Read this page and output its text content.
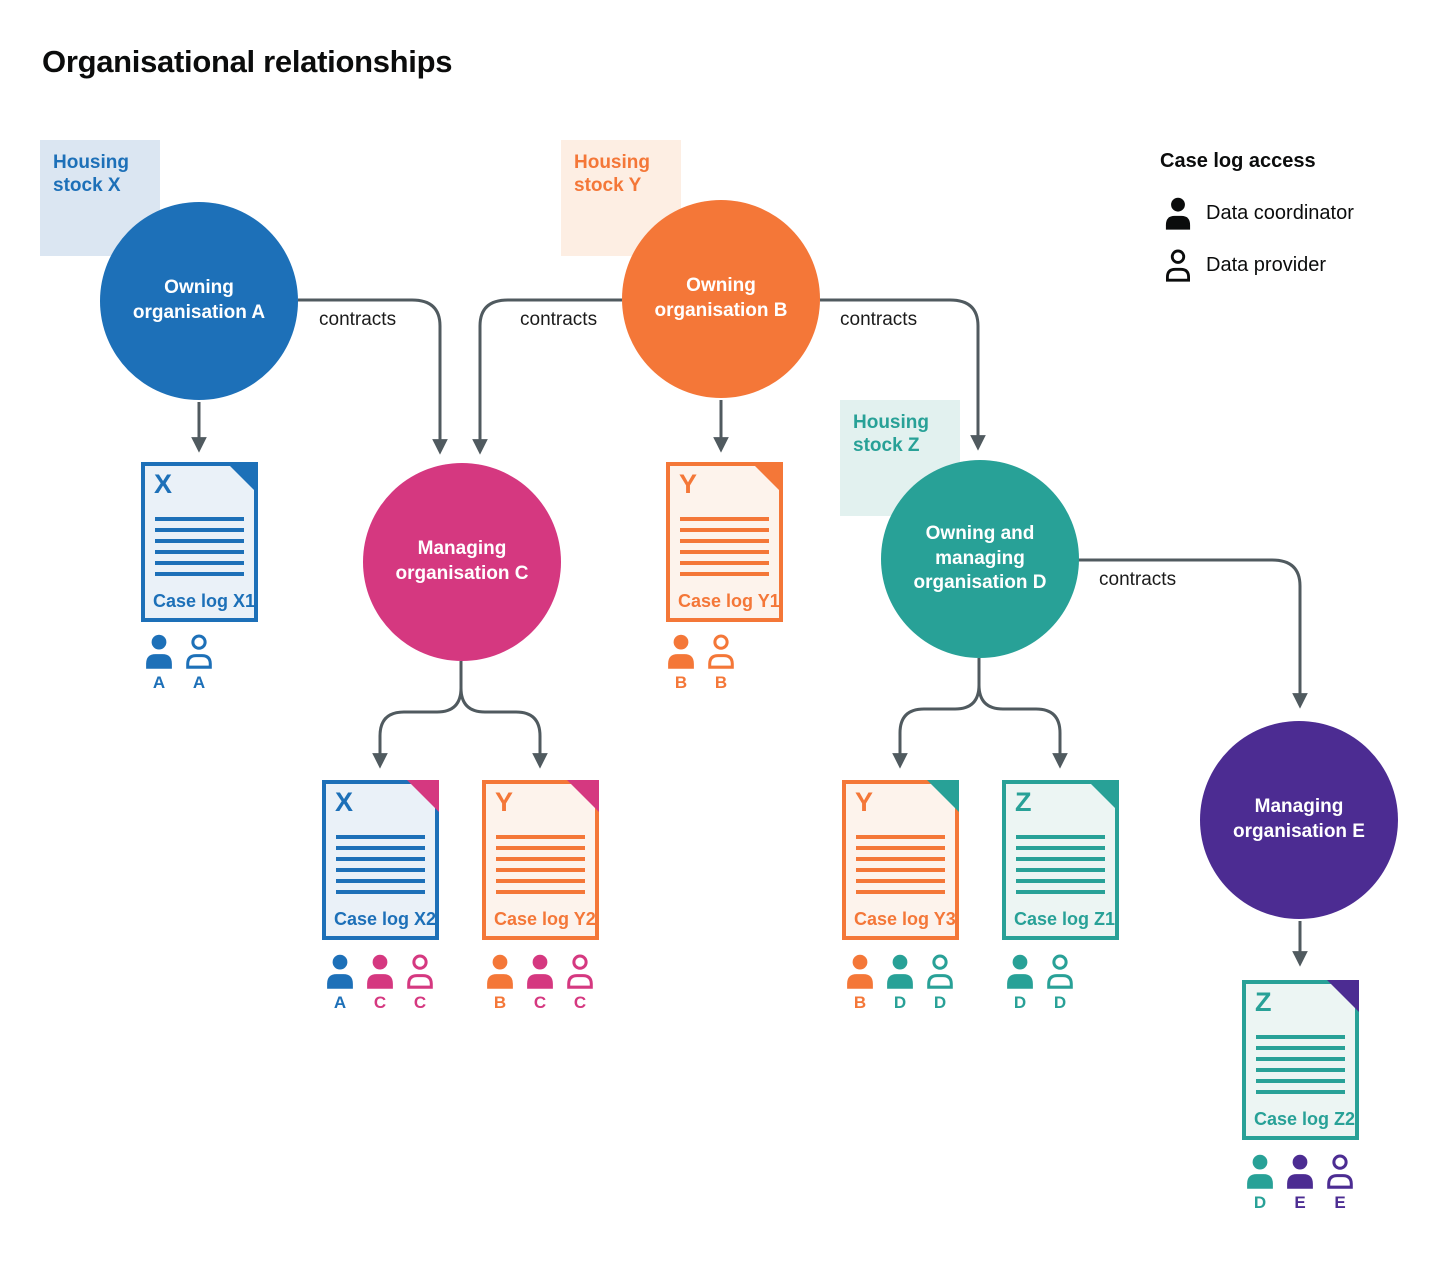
Organisational relationships
Housing stock X
Housing stock Y
Housing stock Z
Owning organisation A
Owning organisation B
Managing organisation C
Owning and managing organisation D
Managing organisation E
contracts	contracts	contracts
contracts
X
Case log X1
Y
Case log Y1
X
Case log X2
Y
Case log Y2
Y
Case log Y3
Z
Case log Z1
Z
Case log Z2
A A	B B
A C C	B C C	B D D	D D
D E E
Case log access
Data coordinator
Data provider
